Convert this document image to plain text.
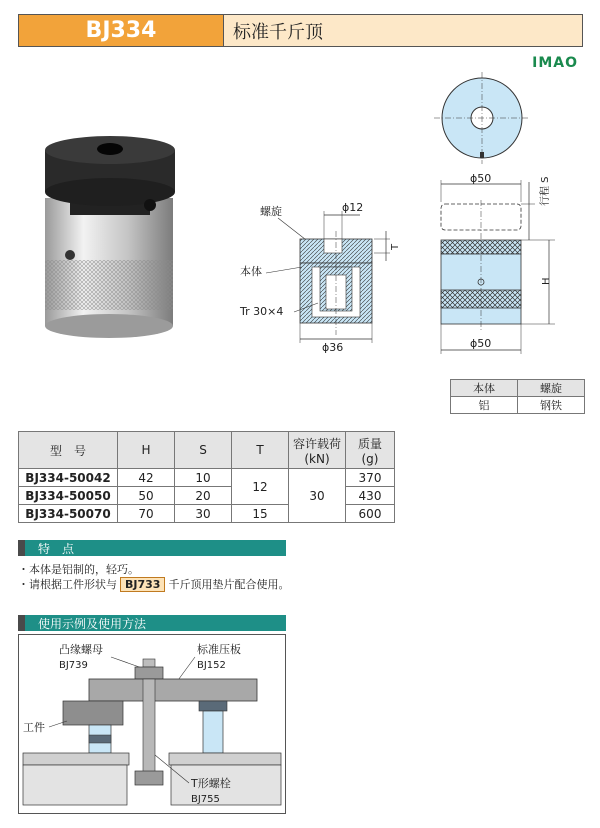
BJ334	标准千斤顶
IMAO
ϕ50	行程 S
H
ϕ50
螺旋	ϕ12
T
本体
Tr 30×4
ϕ36
本体	螺旋
铝	钢铁
型　号	H	S	T	容许载荷
(kN)	质量
(g)
BJ334-50042	42	10	12	30	370
BJ334-50050	50	20			430
BJ334-50070	70	30	15		600
特　点
・本体是铝制的，轻巧。
・请根据工件形状与 BJ733 千斤顶用垫片配合使用。
使用示例及使用方法
凸缘螺母
BJ739
标准压板
BJ152
工件
T形螺栓
BJ755
